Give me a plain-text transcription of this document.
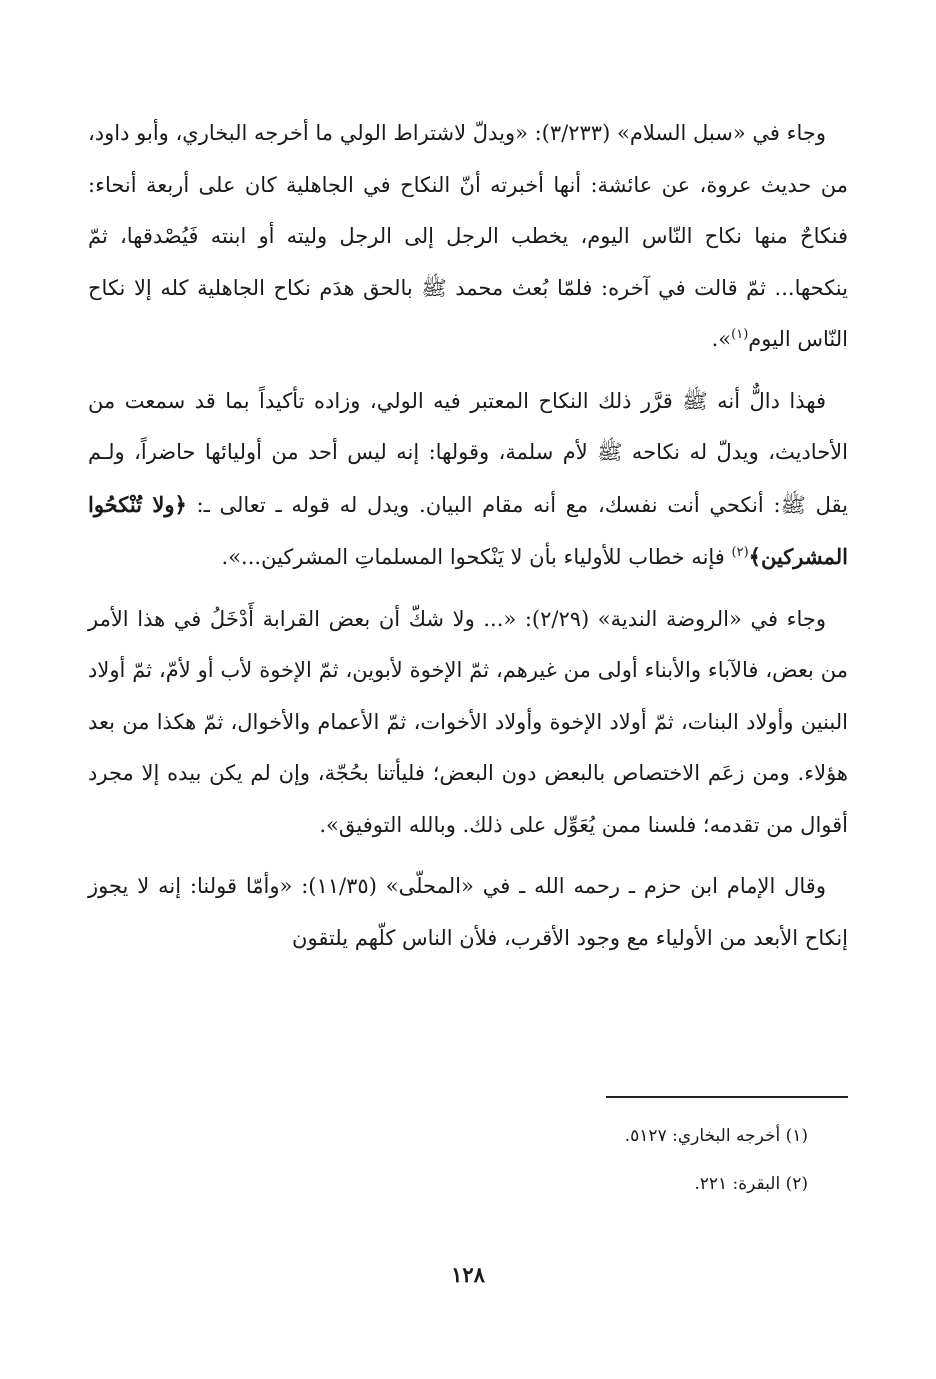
وجاء في «سبل السلام» (٣/٢٣٣): «ويدلّ لاشتراط الولي ما أخرجه البخاري، وأبو داود، من حديث عروة، عن عائشة: أنها أخبرته أنّ النكاح في الجاهلية كان على أربعة أنحاء: فنكاحٌ منها نكاح النّاس اليوم، يخطب الرجل إلى الرجل وليته أو ابنته فَيُصْدقها، ثمّ ينكحها... ثمّ قالت في آخره: فلمّا بُعث محمد ﷺ بالحق هدَم نكاح الجاهلية كله إلا نكاح النّاس اليوم$^{(١)}$».

فهذا دالٌّ أنه ﷺ قرَّر ذلك النكاح المعتبر فيه الولي، وزاده تأكيداً بما قد سمعت من الأحاديث، ويدلّ له نكاحه ﷺ لأم سلمة، وقولها: إنه ليس أحد من أوليائها حاضراً، ولـم يقل ﷺ: أنكحي أنت نفسك، مع أنه مقام البيان. ويدل له قوله ـ تعالى ـ: ﴿ولا تُنْكحُوا المشركين﴾$^{(٢)}$ فإنه خطاب للأولياء بأن لا يَنْكحوا المسلماتِ المشركين...».

وجاء في «الروضة الندية» (٢/٢٩): «... ولا شكّ أن بعض القرابة أَدْخَلُ في هذا الأمر من بعض، فالآباء والأبناء أولى من غيرهم، ثمّ الإخوة لأبوين، ثمّ الإخوة لأب أو لأمّ، ثمّ أولاد البنين وأولاد البنات، ثمّ أولاد الإخوة وأولاد الأخوات، ثمّ الأعمام والأخوال، ثمّ هكذا من بعد هؤلاء. ومن زعَم الاختصاص بالبعض دون البعض؛ فليأتنا بحُجّة، وإن لم يكن بيده إلا مجرد أقوال من تقدمه؛ فلسنا ممن يُعَوِّل على ذلك. وبالله التوفيق».

وقال الإمام ابن حزم ـ رحمه الله ـ في «المحلّى» (١١/٣٥): «وأمّا قولنا: إنه لا يجوز إنكاح الأبعد من الأولياء مع وجود الأقرب، فلأن الناس كلّهم يلتقون

(١) أخرجه البخاري: ٥١٢٧.

(٢) البقرة: ٢٢١.

١٢٨
